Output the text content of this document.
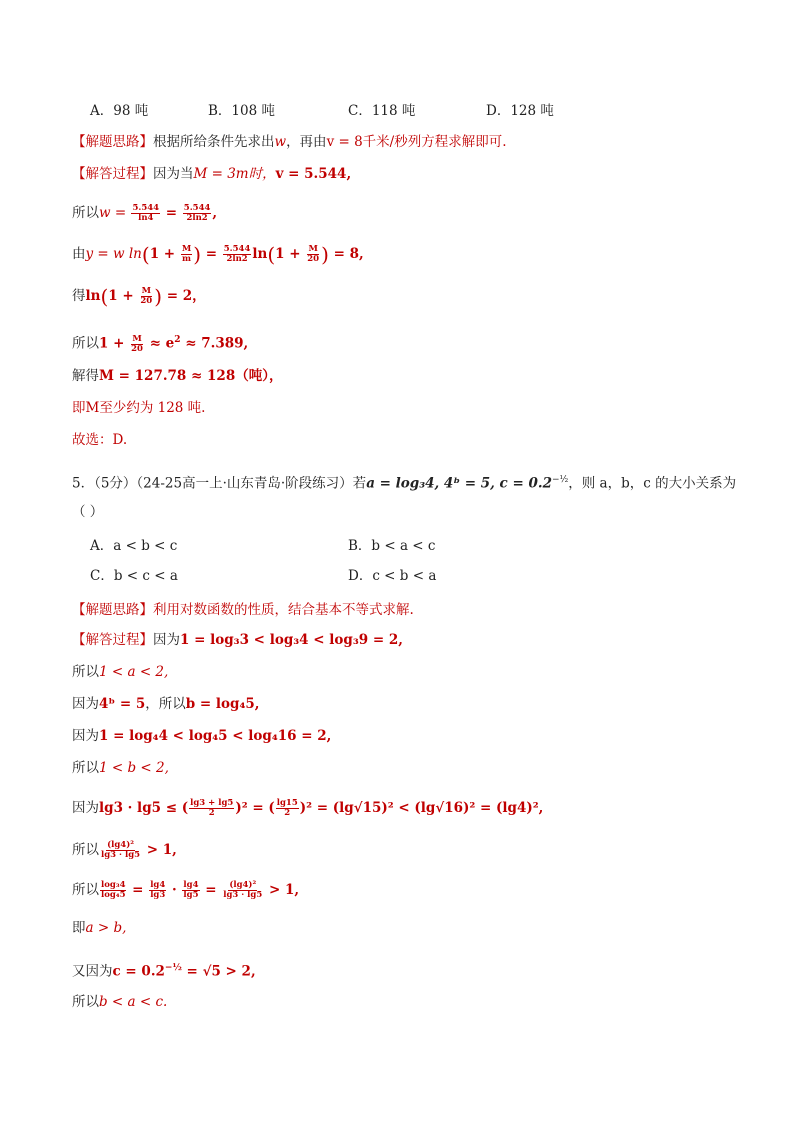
A．98 吨	B．108 吨	C．118 吨	D．128 吨
【解题思路】根据所给条件先求出w，再由v = 8千米/秒列方程求解即可.
【解答过程】因为当M = 3m时，v = 5.544,
所以$w = \frac{5.544}{\ln 4} = \frac{5.544}{2\ln 2}$ ,
由y = w $\ln(1 + \frac{M}{m}$ ) = $\frac{5.544}{2\ln 2} \ln(1 + \frac{M}{20}$ ) = 8,
得$\ln(1 + \frac{M}{20}$ ) = 2，
所以$1 + \frac{M}{20} \approx e^2 \approx 7.389$,
解得M = 127.78 ≈ 128（吨），
即M至少约为 128 吨.
故选：D.
5．（5分）（24-25高一上·山东青岛·阶段练习）若a = log₃4, 4ᵇ = 5, $c = 0.2^{-\frac{1}{2}}$，则 a，b，c 的大小关系为
（ ）
A．a < b < c	B．b < a < c
C．b < c < a	D．c < b < a
【解题思路】利用对数函数的性质，结合基本不等式求解.
【解答过程】因为1 = log₃3 < log₃4 < log₃9 = 2,
所以1 < a < 2,
因为4ᵇ = 5，所以b = log₄5,
因为1 = log₄4 < log₄5 < log₄16 = 2,
所以1 < b < 2,
因为lg3 · lg5 ≤ ( $\frac{\lg 3 + \lg 5}{2} )^2$ = ( $\frac{\lg 15}{2} )^2 = (\lg√15)^2 < (\lg√16)^2 = (\lg 4)^2$,
所以 $\frac{\text{(lg4)²}}{\lg 3 \cdot \lg 5} > 1$,
所以 $\frac{\text{log₃4}}{\text{log₄5}} = \frac{\lg 4}{\lg 3} \cdot \frac{\lg 4}{\lg 5} = \frac{\text{(lg4)²}}{\lg 3 \cdot \lg 5} > 1$,
即a > b,
又因为$c = 0.2^{-\frac{1}{2}} = √5 > 2$,
所以b < a < c.
